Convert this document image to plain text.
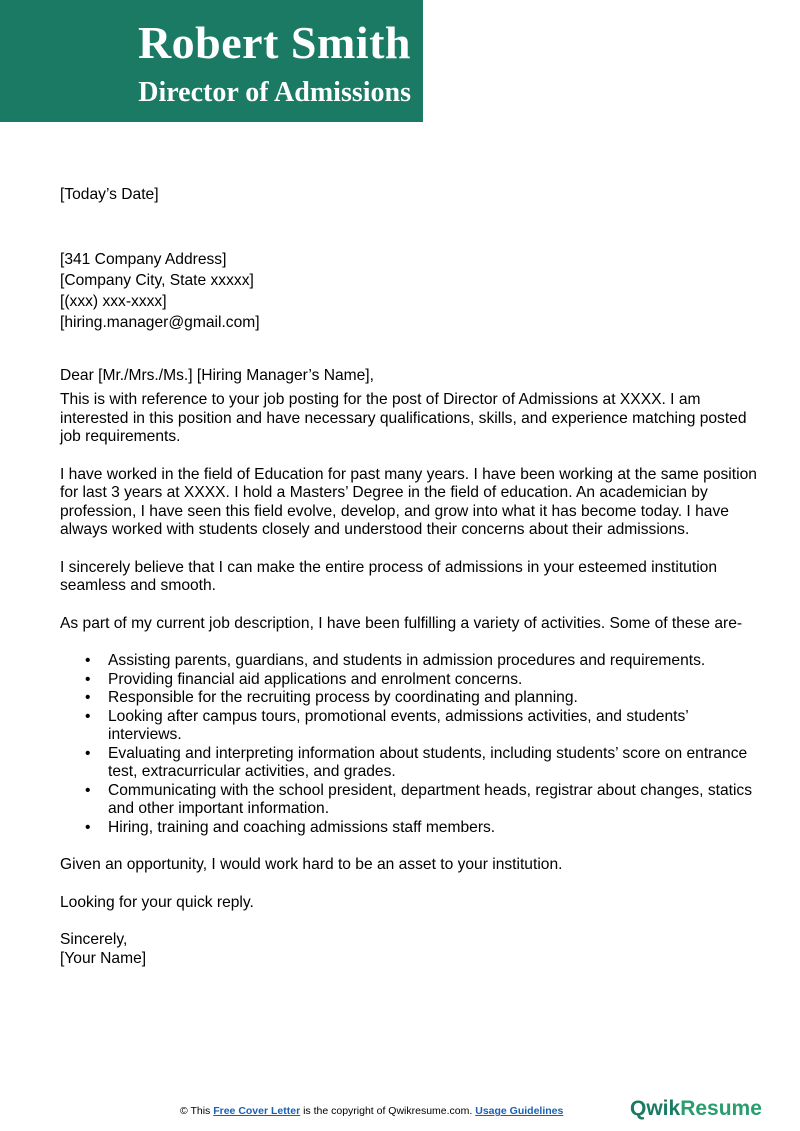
Robert Smith
Director of Admissions

[Today’s Date]

[341 Company Address]
[Company City, State xxxxx]
[(xxx) xxx-xxxx]
[hiring.manager@gmail.com]

Dear [Mr./Mrs./Ms.] [Hiring Manager’s Name],

This is with reference to your job posting for the post of Director of Admissions at XXXX. I am interested in this position and have necessary qualifications, skills, and experience matching posted job requirements.

I have worked in the field of Education for past many years. I have been working at the same position for last 3 years at XXXX. I hold a Masters’ Degree in the field of education. An academician by profession, I have seen this field evolve, develop, and grow into what it has become today. I have always worked with students closely and understood their concerns about their admissions.

I sincerely believe that I can make the entire process of admissions in your esteemed institution seamless and smooth.

As part of my current job description, I have been fulfilling a variety of activities. Some of these are-

• Assisting parents, guardians, and students in admission procedures and requirements.
• Providing financial aid applications and enrolment concerns.
• Responsible for the recruiting process by coordinating and planning.
• Looking after campus tours, promotional events, admissions activities, and students’ interviews.
• Evaluating and interpreting information about students, including students’ score on entrance test, extracurricular activities, and grades.
• Communicating with the school president, department heads, registrar about changes, statics and other important information.
• Hiring, training and coaching admissions staff members.

Given an opportunity, I would work hard to be an asset to your institution.

Looking for your quick reply.

Sincerely,

[Your Name]

© This Free Cover Letter is the copyright of Qwikresume.com. Usage Guidelines	QwikResume
